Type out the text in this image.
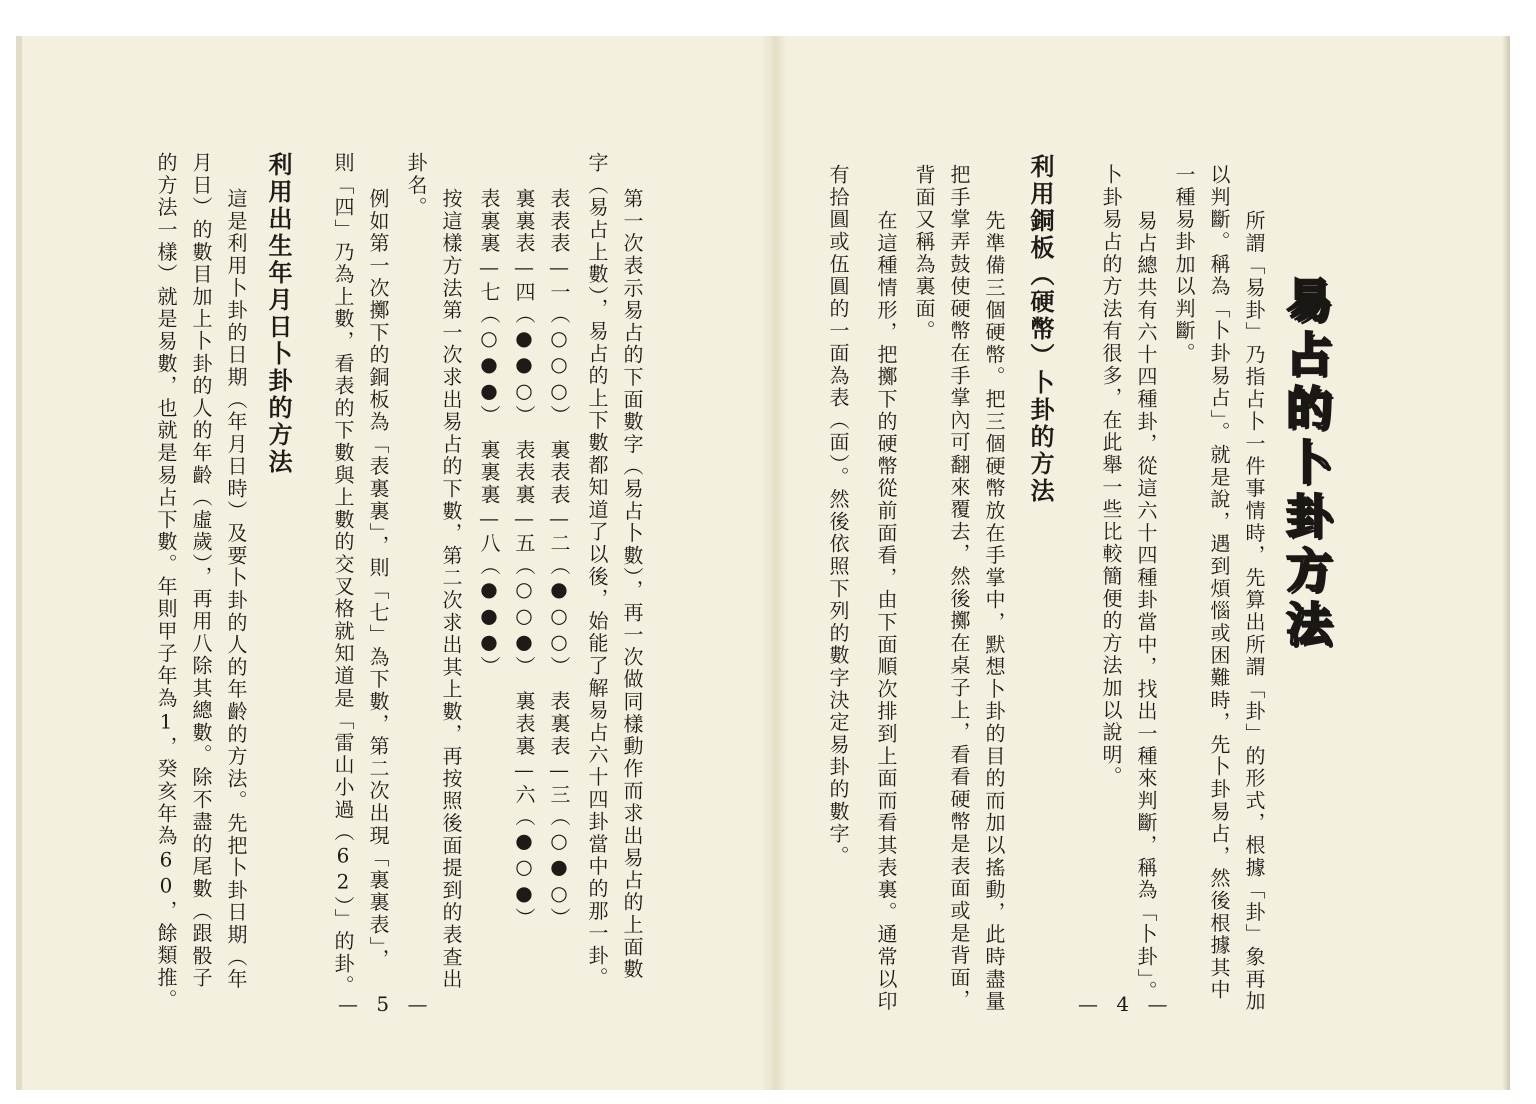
易占的卜卦方法
所謂「易卦」乃指占卜一件事情時，先算出所謂「卦」的形式，根據「卦」象再加
以判斷。稱為「卜卦易占」。就是說，遇到煩惱或困難時，先卜卦易占，然後根據其中
一種易卦加以判斷。
易占總共有六十四種卦，從這六十四種卦當中，找出一種來判斷，稱為「卜卦」。
卜卦易占的方法有很多，在此舉一些比較簡便的方法加以說明。
利用銅板（硬幣）卜卦的方法
先準備三個硬幣。把三個硬幣放在手掌中，默想卜卦的目的而加以搖動，此時盡量
把手掌弄鼓使硬幣在手掌內可翻來覆去，然後擲在桌子上，看看硬幣是表面或是背面，
背面又稱為裏面。
在這種情形，把擲下的硬幣從前面看，由下面順次排到上面而看其表裏。通常以印
有拾圓或伍圓的一面為表（面）。然後依照下列的數字決定易卦的數字。
— 4 —
第一次表示易占的下面數字（易占卜數），再一次做同樣動作而求出易占的上面數
字（易占上數），易占的上下數都知道了以後，始能了解易占六十四卦當中的那一卦。
表表表—一（○○○）　裏表表—二（●○○）　表裏表—三（○●○）
裏裏表—四（●●○）　表表裏—五（○○●）　裏表裏—六（●○●）
表裏裏—七（○●●）　裏裏裏—八（●●●）
按這樣方法第一次求出易占的下數，第二次求出其上數，再按照後面提到的表查出
卦名。
例如第一次擲下的銅板為「表裏裏」，則「七」為下數，第二次出現「裏裏表」，
則「四」乃為上數，看表的下數與上數的交叉格就知道是「雷山小過（62）」的卦。
利用出生年月日卜卦的方法
這是利用卜卦的日期（年月日時）及要卜卦的人的年齡的方法。先把卜卦日期（年
月日）的數目加上卜卦的人的年齡（虛歲），再用八除其總數。除不盡的尾數（跟骰子
的方法一樣）就是易數，也就是易占下數。年則甲子年為1，癸亥年為60，餘類推。	— 5 —
